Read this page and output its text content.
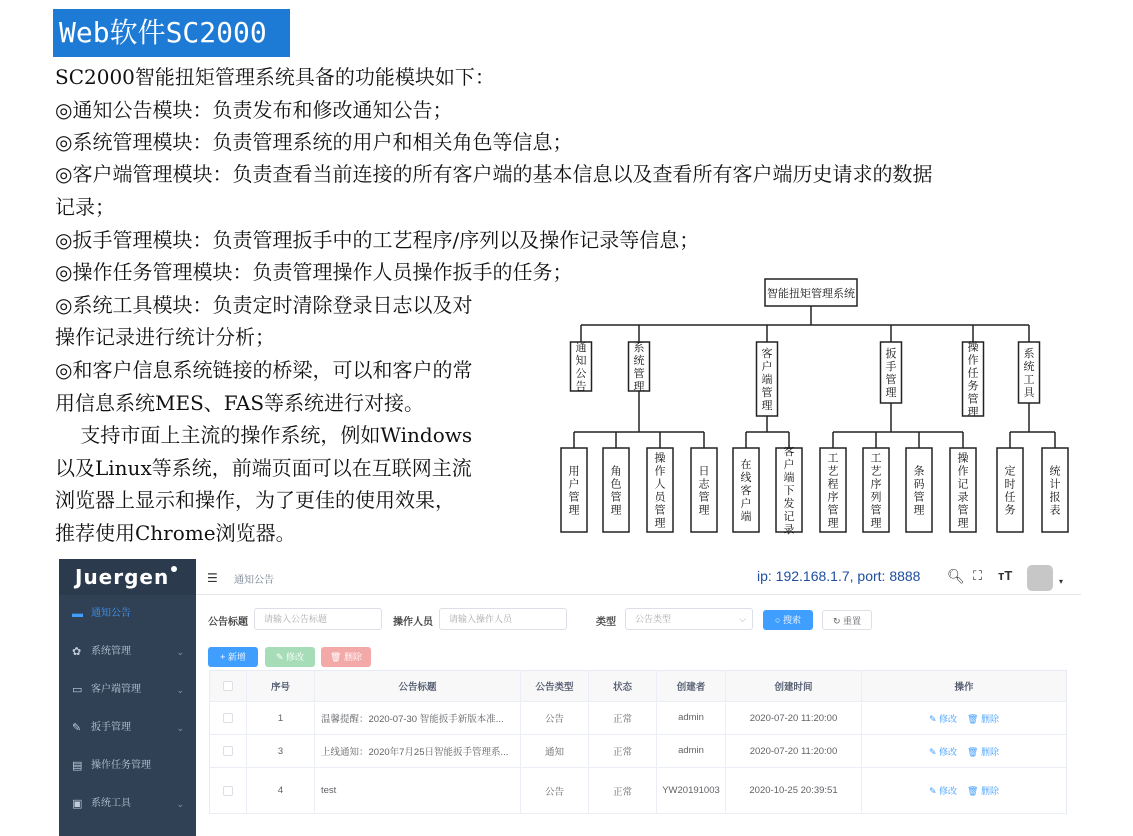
Web软件SC2000
SC2000智能扭矩管理系统具备的功能模块如下：
◎通知公告模块：负责发布和修改通知公告；
◎系统管理模块：负责管理系统的用户和相关角色等信息；
◎客户端管理模块：负责查看当前连接的所有客户端的基本信息以及查看所有客户端历史请求的数据
记录；
◎扳手管理模块：负责管理扳手中的工艺程序/序列以及操作记录等信息；
◎操作任务管理模块：负责管理操作人员操作扳手的任务；
◎系统工具模块：负责定时清除登录日志以及对
操作记录进行统计分析；
◎和客户信息系统链接的桥梁，可以和客户的常
用信息系统MES、FAS等系统进行对接。
支持市面上主流的操作系统，例如Windows
以及Linux等系统，前端页面可以在互联网主流
浏览器上显示和操作，为了更佳的使用效果，
推荐使用Chrome浏览器。
智能扭矩管理系统
通知公告
系统管理
客户端管理
扳手管理
操作任务管理
系统工具
用户管理
角色管理
操作人员管理
日志管理
在线客户端
客户端下发记录
工艺程序管理
工艺序列管理
条码管理
操作记录管理
定时任务
统计报表
Juergen
▬ 通知公告
✿ 系统管理	⌄
▭ 客户端管理	⌄
✎ 扳手管理	⌄
▤ 操作任务管理
▣ 系统工具	⌄
☰ 通知公告	ip: 192.168.1.7, port: 8888 🔍︎ ⛶ ᴛT	▾
公告标题	请输入公告标题	操作人员	请输入操作人员	类型	公告类型	⌵	○ 搜索	↻ 重置
+ 新增	✎ 修改	🗑︎ 删除
序号	公告标题	公告类型	状态	创建者	创建时间	操作
1	温馨提醒：2020-07-30 智能扳手新版本准...	公告	正常	admin	2020-07-20 11:20:00	✎ 修改 🗑︎ 删除
3	上线通知：2020年7月25日智能扳手管理系...	通知	正常	admin	2020-07-20 11:20:00	✎ 修改 🗑︎ 删除
4	test	公告	正常	YW20191003	2020-10-25 20:39:51	✎ 修改 🗑︎ 删除
